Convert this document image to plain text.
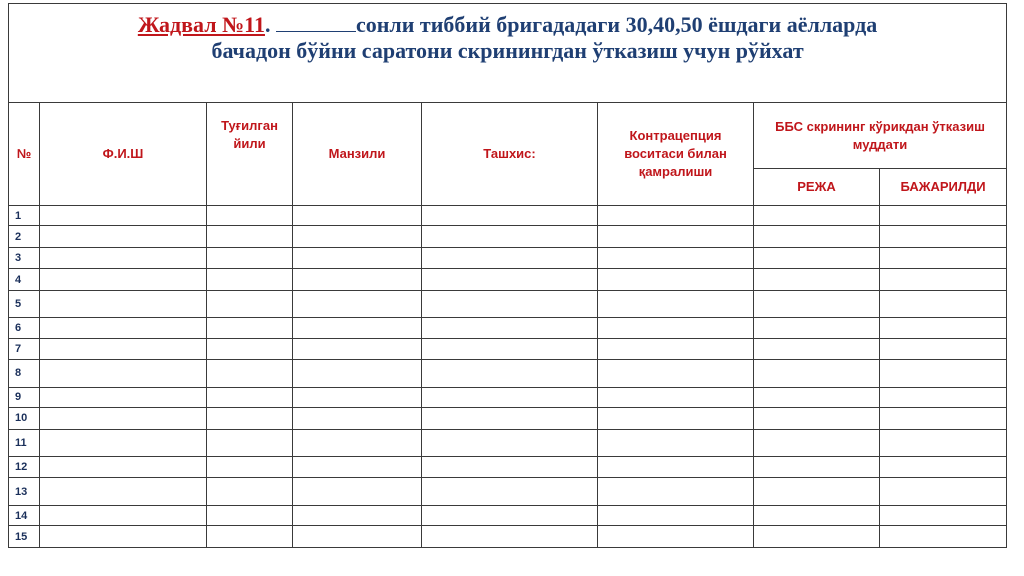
Жадвал №11. сонли тиббий бригададаги 30,40,50 ёшдаги аёлларда
бачадон бўйни саратони скринингдан ўтказиш учун рўйхат							
№	Ф.И.Ш	Туғилган йили	Манзили	Ташхис:	Контрацепция воситаси билан қамралиши	ББС скрининг кўрикдан ўтказиш муддати	
						РЕЖА	БАЖАРИЛДИ
1							
2							
3							
4							
5							
6							
7							
8							
9							
10							
11							
12							
13							
14							
15							
